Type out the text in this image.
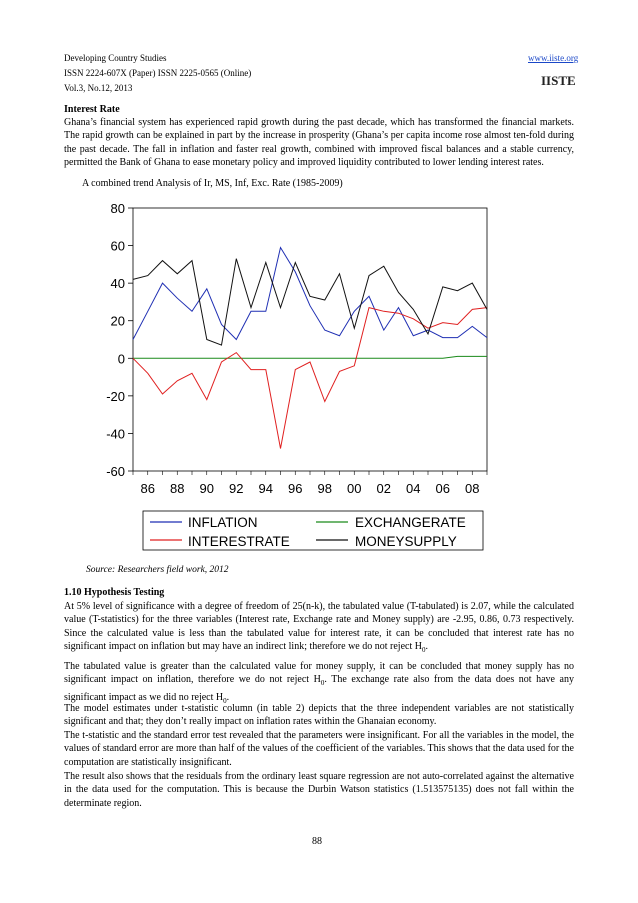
Developing Country Studies
ISSN 2224-607X (Paper) ISSN 2225-0565 (Online)
Vol.3, No.12, 2013
www.iiste.org
IISTE
Interest Rate

Ghana’s financial system has experienced rapid growth during the past decade, which has transformed the financial markets. The rapid growth can be explained in part by the increase in prosperity (Ghana’s per capita income rose almost ten-fold during the past decade. The fall in inflation and faster real growth, combined with improved fiscal balances and a stable currency, permitted the Bank of Ghana to ease monetary policy and improved liquidity contributed to lower lending interest rates.

A combined trend Analysis of Ir, MS, Inf, Exc. Rate (1985-2009)
80
60
40
20
0
-20
-40
-60
86 88 90 92 94 96 98 00 02 04 06 08
INFLATION	EXCHANGERATE
INTERESTRATE	MONEYSUPPLY
Source: Researchers field work, 2012
1.10 Hypothesis Testing

At 5% level of significance with a degree of freedom of 25(n-k), the tabulated value (T-tabulated) is 2.07, while the calculated value (T-statistics) for the three variables (Interest rate, Exchange rate and Money supply) are -2.95, 0.86, 0.73 respectively. Since the calculated value is less than the tabulated value for interest rate, it can be concluded that interest rate has no significant impact on inflation but may have an indirect link; therefore we do not reject $H_0$.

The tabulated value is greater than the calculated value for money supply, it can be concluded that money supply has no significant impact on inflation, therefore we do not reject $H_0$. The exchange rate also from the data does not have any significant impact as we did no reject $H_0$.

The model estimates under t-statistic column (in table 2) depicts that the three independent variables are not statistically significant and that; they don’t really impact on inflation rates within the Ghanaian economy.

The t-statistic and the standard error test revealed that the parameters were insignificant. For all the variables in the model, the values of standard error are more than half of the values of the coefficient of the variables. This shows that the data used for the computation are statistically insignificant.

The result also shows that the residuals from the ordinary least square regression are not auto-correlated against the alternative in the data used for the computation. This is because the Durbin Watson statistics (1.513575135) does not fall within the determinate region.

88
